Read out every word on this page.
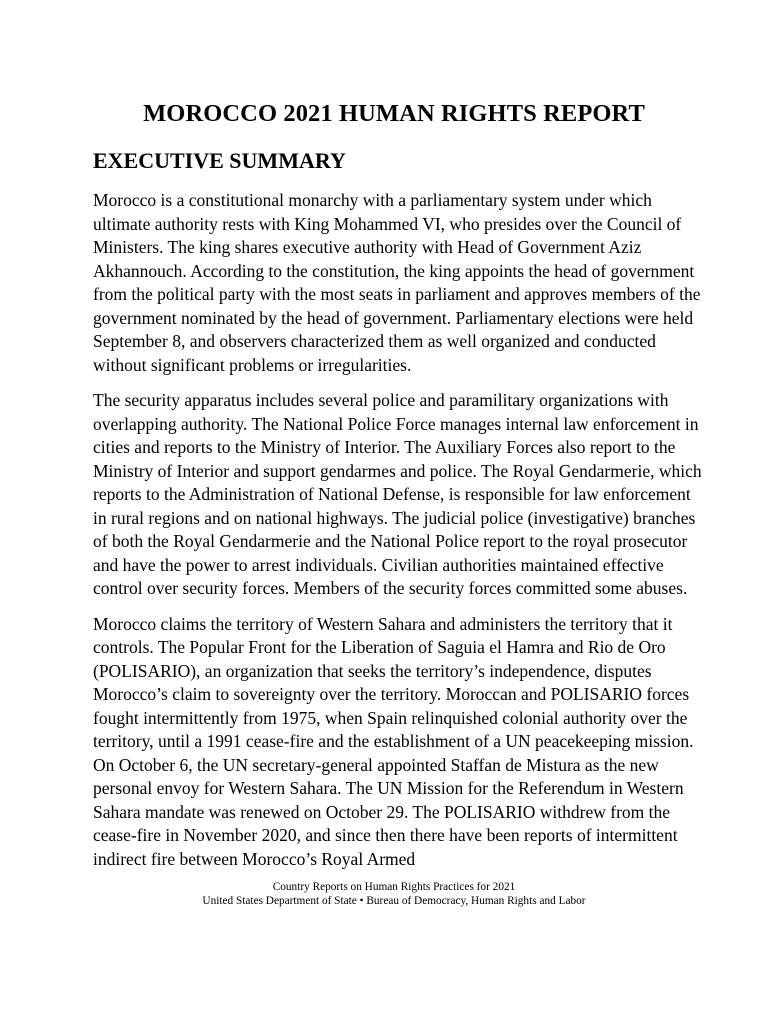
MOROCCO 2021 HUMAN RIGHTS REPORT
EXECUTIVE SUMMARY

Morocco is a constitutional monarchy with a parliamentary system under which ultimate authority rests with King Mohammed VI, who presides over the Council of Ministers. The king shares executive authority with Head of Government Aziz Akhannouch. According to the constitution, the king appoints the head of government from the political party with the most seats in parliament and approves members of the government nominated by the head of government. Parliamentary elections were held September 8, and observers characterized them as well organized and conducted without significant problems or irregularities.

The security apparatus includes several police and paramilitary organizations with overlapping authority. The National Police Force manages internal law enforcement in cities and reports to the Ministry of Interior. The Auxiliary Forces also report to the Ministry of Interior and support gendarmes and police. The Royal Gendarmerie, which reports to the Administration of National Defense, is responsible for law enforcement in rural regions and on national highways. The judicial police (investigative) branches of both the Royal Gendarmerie and the National Police report to the royal prosecutor and have the power to arrest individuals. Civilian authorities maintained effective control over security forces. Members of the security forces committed some abuses.

Morocco claims the territory of Western Sahara and administers the territory that it controls. The Popular Front for the Liberation of Saguia el Hamra and Rio de Oro (POLISARIO), an organization that seeks the territory’s independence, disputes Morocco’s claim to sovereignty over the territory. Moroccan and POLISARIO forces fought intermittently from 1975, when Spain relinquished colonial authority over the territory, until a 1991 cease-fire and the establishment of a UN peacekeeping mission. On October 6, the UN secretary-general appointed Staffan de Mistura as the new personal envoy for Western Sahara. The UN Mission for the Referendum in Western Sahara mandate was renewed on October 29. The POLISARIO withdrew from the cease-fire in November 2020, and since then there have been reports of intermittent indirect fire between Morocco’s Royal Armed

Country Reports on Human Rights Practices for 2021
United States Department of State • Bureau of Democracy, Human Rights and Labor
